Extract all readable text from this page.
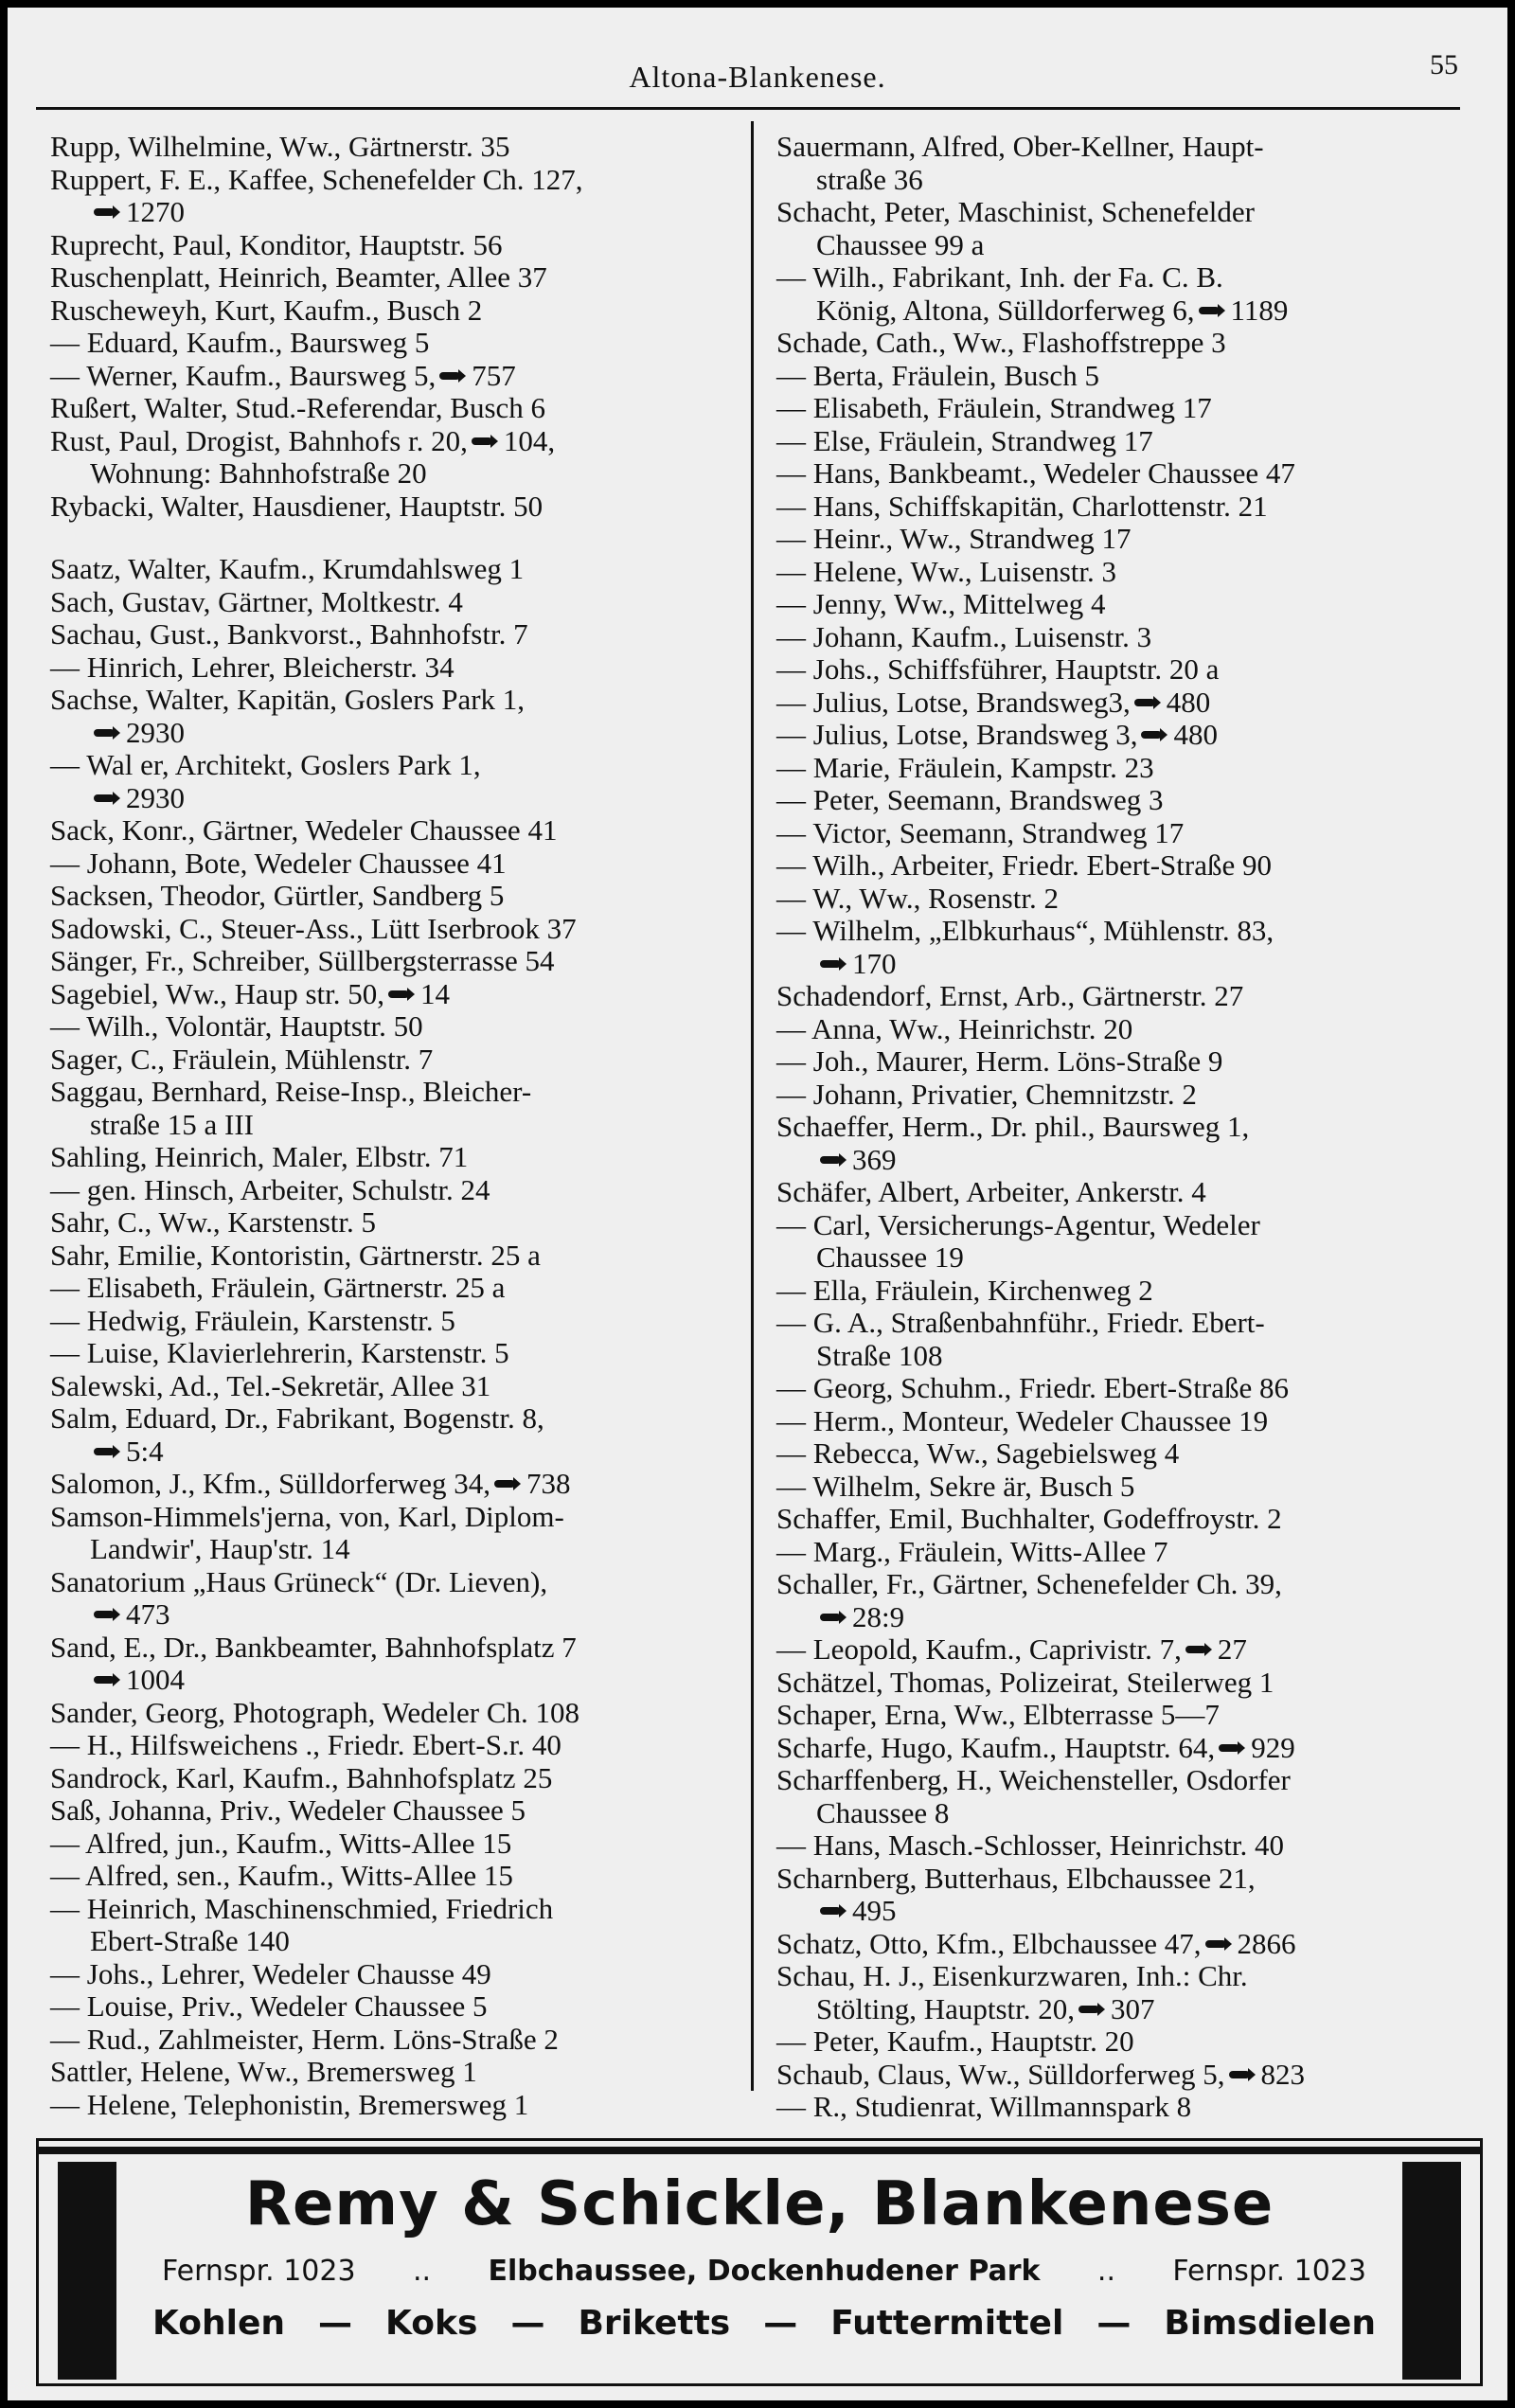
Altona-Blankenese.	55

Rupp, Wilhelmine, Ww., Gärtnerstr. 35

Ruppert, F. E., Kaffee, Schenefelder Ch. 127,
1270

Ruprecht, Paul, Konditor, Hauptstr. 56

Ruschenplatt, Heinrich, Beamter, Allee 37

Ruscheweyh, Kurt, Kaufm., Busch 2

— Eduard, Kaufm., Baursweg 5

— Werner, Kaufm., Baursweg 5, 757

Rußert, Walter, Stud.-Referendar, Busch 6

Rust, Paul, Drogist, Bahnhofs r. 20, 104,
Wohnung: Bahnhofstraße 20

Rybacki, Walter, Hausdiener, Hauptstr. 50

Saatz, Walter, Kaufm., Krumdahlsweg 1

Sach, Gustav, Gärtner, Moltkestr. 4

Sachau, Gust., Bankvorst., Bahnhofstr. 7

— Hinrich, Lehrer, Bleicherstr. 34

Sachse, Walter, Kapitän, Goslers Park 1,
2930

— Wal er, Architekt, Goslers Park 1,
2930

Sack, Konr., Gärtner, Wedeler Chaussee 41

— Johann, Bote, Wedeler Chaussee 41

Sacksen, Theodor, Gürtler, Sandberg 5

Sadowski, C., Steuer-Ass., Lütt Iserbrook 37

Sänger, Fr., Schreiber, Süllbergsterrasse 54

Sagebiel, Ww., Haup str. 50, 14

— Wilh., Volontär, Hauptstr. 50

Sager, C., Fräulein, Mühlenstr. 7

Saggau, Bernhard, Reise-Insp., Bleicher-
straße 15 a III

Sahling, Heinrich, Maler, Elbstr. 71

— gen. Hinsch, Arbeiter, Schulstr. 24

Sahr, C., Ww., Karstenstr. 5

Sahr, Emilie, Kontoristin, Gärtnerstr. 25 a

— Elisabeth, Fräulein, Gärtnerstr. 25 a

— Hedwig, Fräulein, Karstenstr. 5

— Luise, Klavierlehrerin, Karstenstr. 5

Salewski, Ad., Tel.-Sekretär, Allee 31

Salm, Eduard, Dr., Fabrikant, Bogenstr. 8,
5:4

Salomon, J., Kfm., Sülldorferweg 34, 738

Samson-Himmels'jerna, von, Karl, Diplom-
Landwir', Haup'str. 14

Sanatorium „Haus Grüneck“ (Dr. Lieven),
473

Sand, E., Dr., Bankbeamter, Bahnhofsplatz 7
1004

Sander, Georg, Photograph, Wedeler Ch. 108

— H., Hilfsweichens ., Friedr. Ebert-S.r. 40

Sandrock, Karl, Kaufm., Bahnhofsplatz 25

Saß, Johanna, Priv., Wedeler Chaussee 5

— Alfred, jun., Kaufm., Witts-Allee 15

— Alfred, sen., Kaufm., Witts-Allee 15

— Heinrich, Maschinenschmied, Friedrich
Ebert-Straße 140

— Johs., Lehrer, Wedeler Chausse 49

— Louise, Priv., Wedeler Chaussee 5

— Rud., Zahlmeister, Herm. Löns-Straße 2

Sattler, Helene, Ww., Bremersweg 1

— Helene, Telephonistin, Bremersweg 1

Sauermann, Alfred, Ober-Kellner, Haupt-
straße 36

Schacht, Peter, Maschinist, Schenefelder
Chaussee 99 a

— Wilh., Fabrikant, Inh. der Fa. C. B.
König, Altona, Sülldorferweg 6, 1189

Schade, Cath., Ww., Flashoffstreppe 3

— Berta, Fräulein, Busch 5

— Elisabeth, Fräulein, Strandweg 17

— Else, Fräulein, Strandweg 17

— Hans, Bankbeamt., Wedeler Chaussee 47

— Hans, Schiffskapitän, Charlottenstr. 21

— Heinr., Ww., Strandweg 17

— Helene, Ww., Luisenstr. 3

— Jenny, Ww., Mittelweg 4

— Johann, Kaufm., Luisenstr. 3

— Johs., Schiffsführer, Hauptstr. 20 a

— Julius, Lotse, Brandsweg3, 480

— Julius, Lotse, Brandsweg 3, 480

— Marie, Fräulein, Kampstr. 23

— Peter, Seemann, Brandsweg 3

— Victor, Seemann, Strandweg 17

— Wilh., Arbeiter, Friedr. Ebert-Straße 90

— W., Ww., Rosenstr. 2

— Wilhelm, „Elbkurhaus“, Mühlenstr. 83,
170

Schadendorf, Ernst, Arb., Gärtnerstr. 27

— Anna, Ww., Heinrichstr. 20

— Joh., Maurer, Herm. Löns-Straße 9

— Johann, Privatier, Chemnitzstr. 2

Schaeffer, Herm., Dr. phil., Baursweg 1,
369

Schäfer, Albert, Arbeiter, Ankerstr. 4

— Carl, Versicherungs-Agentur, Wedeler
Chaussee 19

— Ella, Fräulein, Kirchenweg 2

— G. A., Straßenbahnführ., Friedr. Ebert-
Straße 108

— Georg, Schuhm., Friedr. Ebert-Straße 86

— Herm., Monteur, Wedeler Chaussee 19

— Rebecca, Ww., Sagebielsweg 4

— Wilhelm, Sekre är, Busch 5

Schaffer, Emil, Buchhalter, Godeffroystr. 2

— Marg., Fräulein, Witts-Allee 7

Schaller, Fr., Gärtner, Schenefelder Ch. 39,
28:9

— Leopold, Kaufm., Caprivistr. 7, 27

Schätzel, Thomas, Polizeirat, Steilerweg 1

Schaper, Erna, Ww., Elbterrasse 5—7

Scharfe, Hugo, Kaufm., Hauptstr. 64, 929

Scharffenberg, H., Weichensteller, Osdorfer
Chaussee 8

— Hans, Masch.-Schlosser, Heinrichstr. 40

Scharnberg, Butterhaus, Elbchaussee 21,
495

Schatz, Otto, Kfm., Elbchaussee 47, 2866

Schau, H. J., Eisenkurzwaren, Inh.: Chr.
Stölting, Hauptstr. 20, 307

— Peter, Kaufm., Hauptstr. 20

Schaub, Claus, Ww., Sülldorferweg 5, 823

— R., Studienrat, Willmannspark 8

Remy & Schickle, Blankenese
Fernspr. 1023 .. Elbchaussee, Dockenhudener Park .. Fernspr. 1023
Kohlen — Koks — Briketts — Futtermittel — Bimsdielen
